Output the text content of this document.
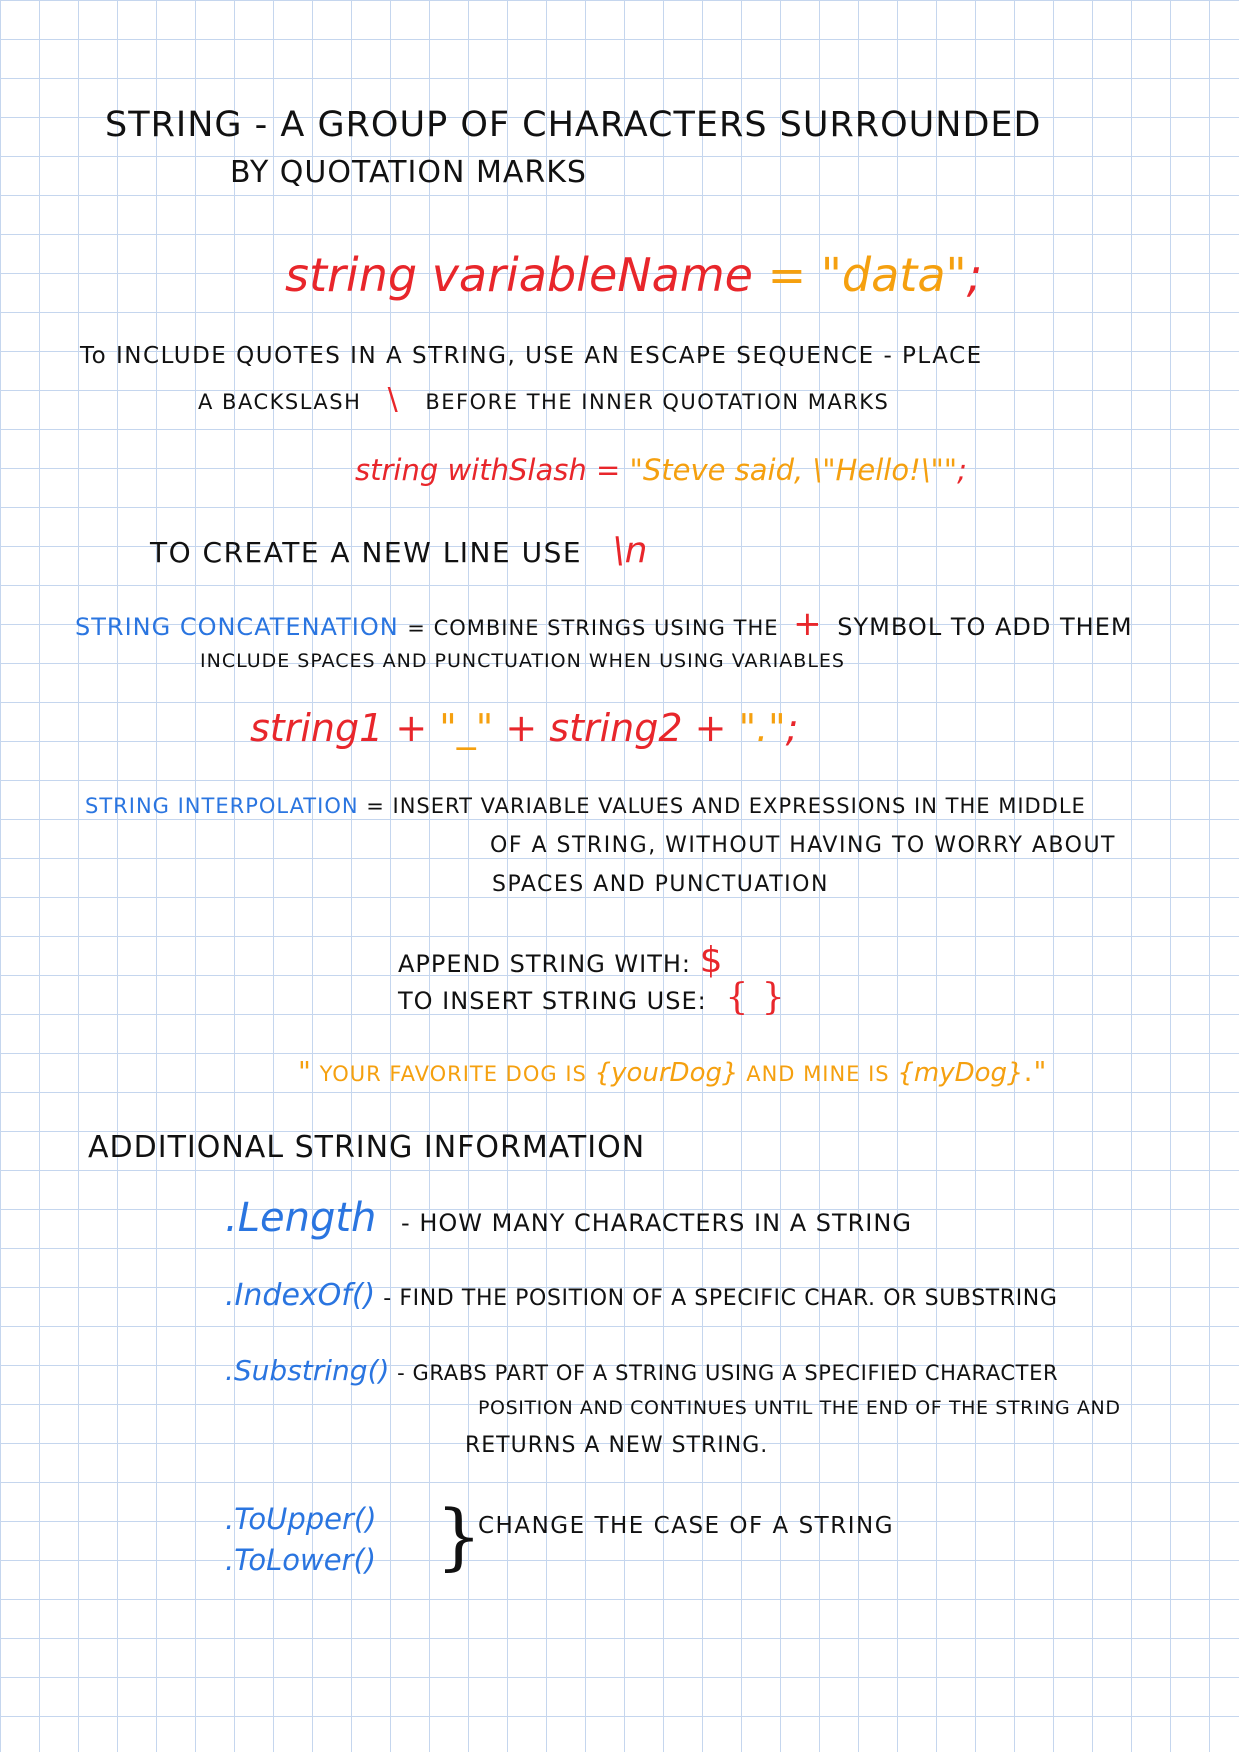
STRING - A GROUP OF CHARACTERS SURROUNDED
BY QUOTATION MARKS
string variableName = "data";
To INCLUDE QUOTES IN A STRING, USE AN ESCAPE SEQUENCE - PLACE
A BACKSLASH \ BEFORE THE INNER QUOTATION MARKS
string withSlash = "Steve said, \"Hello!\"";
TO CREATE A NEW LINE USE \n
STRING CONCATENATION = COMBINE STRINGS USING THE + SYMBOL TO ADD THEM
INCLUDE SPACES AND PUNCTUATION WHEN USING VARIABLES
string1 + "_" + string2 + ".";
STRING INTERPOLATION = INSERT VARIABLE VALUES AND EXPRESSIONS IN THE MIDDLE
OF A STRING, WITHOUT HAVING TO WORRY ABOUT
SPACES AND PUNCTUATION
APPEND STRING WITH: $
TO INSERT STRING USE: { }
" YOUR FAVORITE DOG IS {yourDog} AND MINE IS {myDog}."
ADDITIONAL STRING INFORMATION
.Length - HOW MANY CHARACTERS IN A STRING
.IndexOf() - FIND THE POSITION OF A SPECIFIC CHAR. OR SUBSTRING
.Substring() - GRABS PART OF A STRING USING A SPECIFIED CHARACTER
POSITION AND CONTINUES UNTIL THE END OF THE STRING AND
RETURNS A NEW STRING.
.ToUpper()
.ToLower() }
CHANGE THE CASE OF A STRING
